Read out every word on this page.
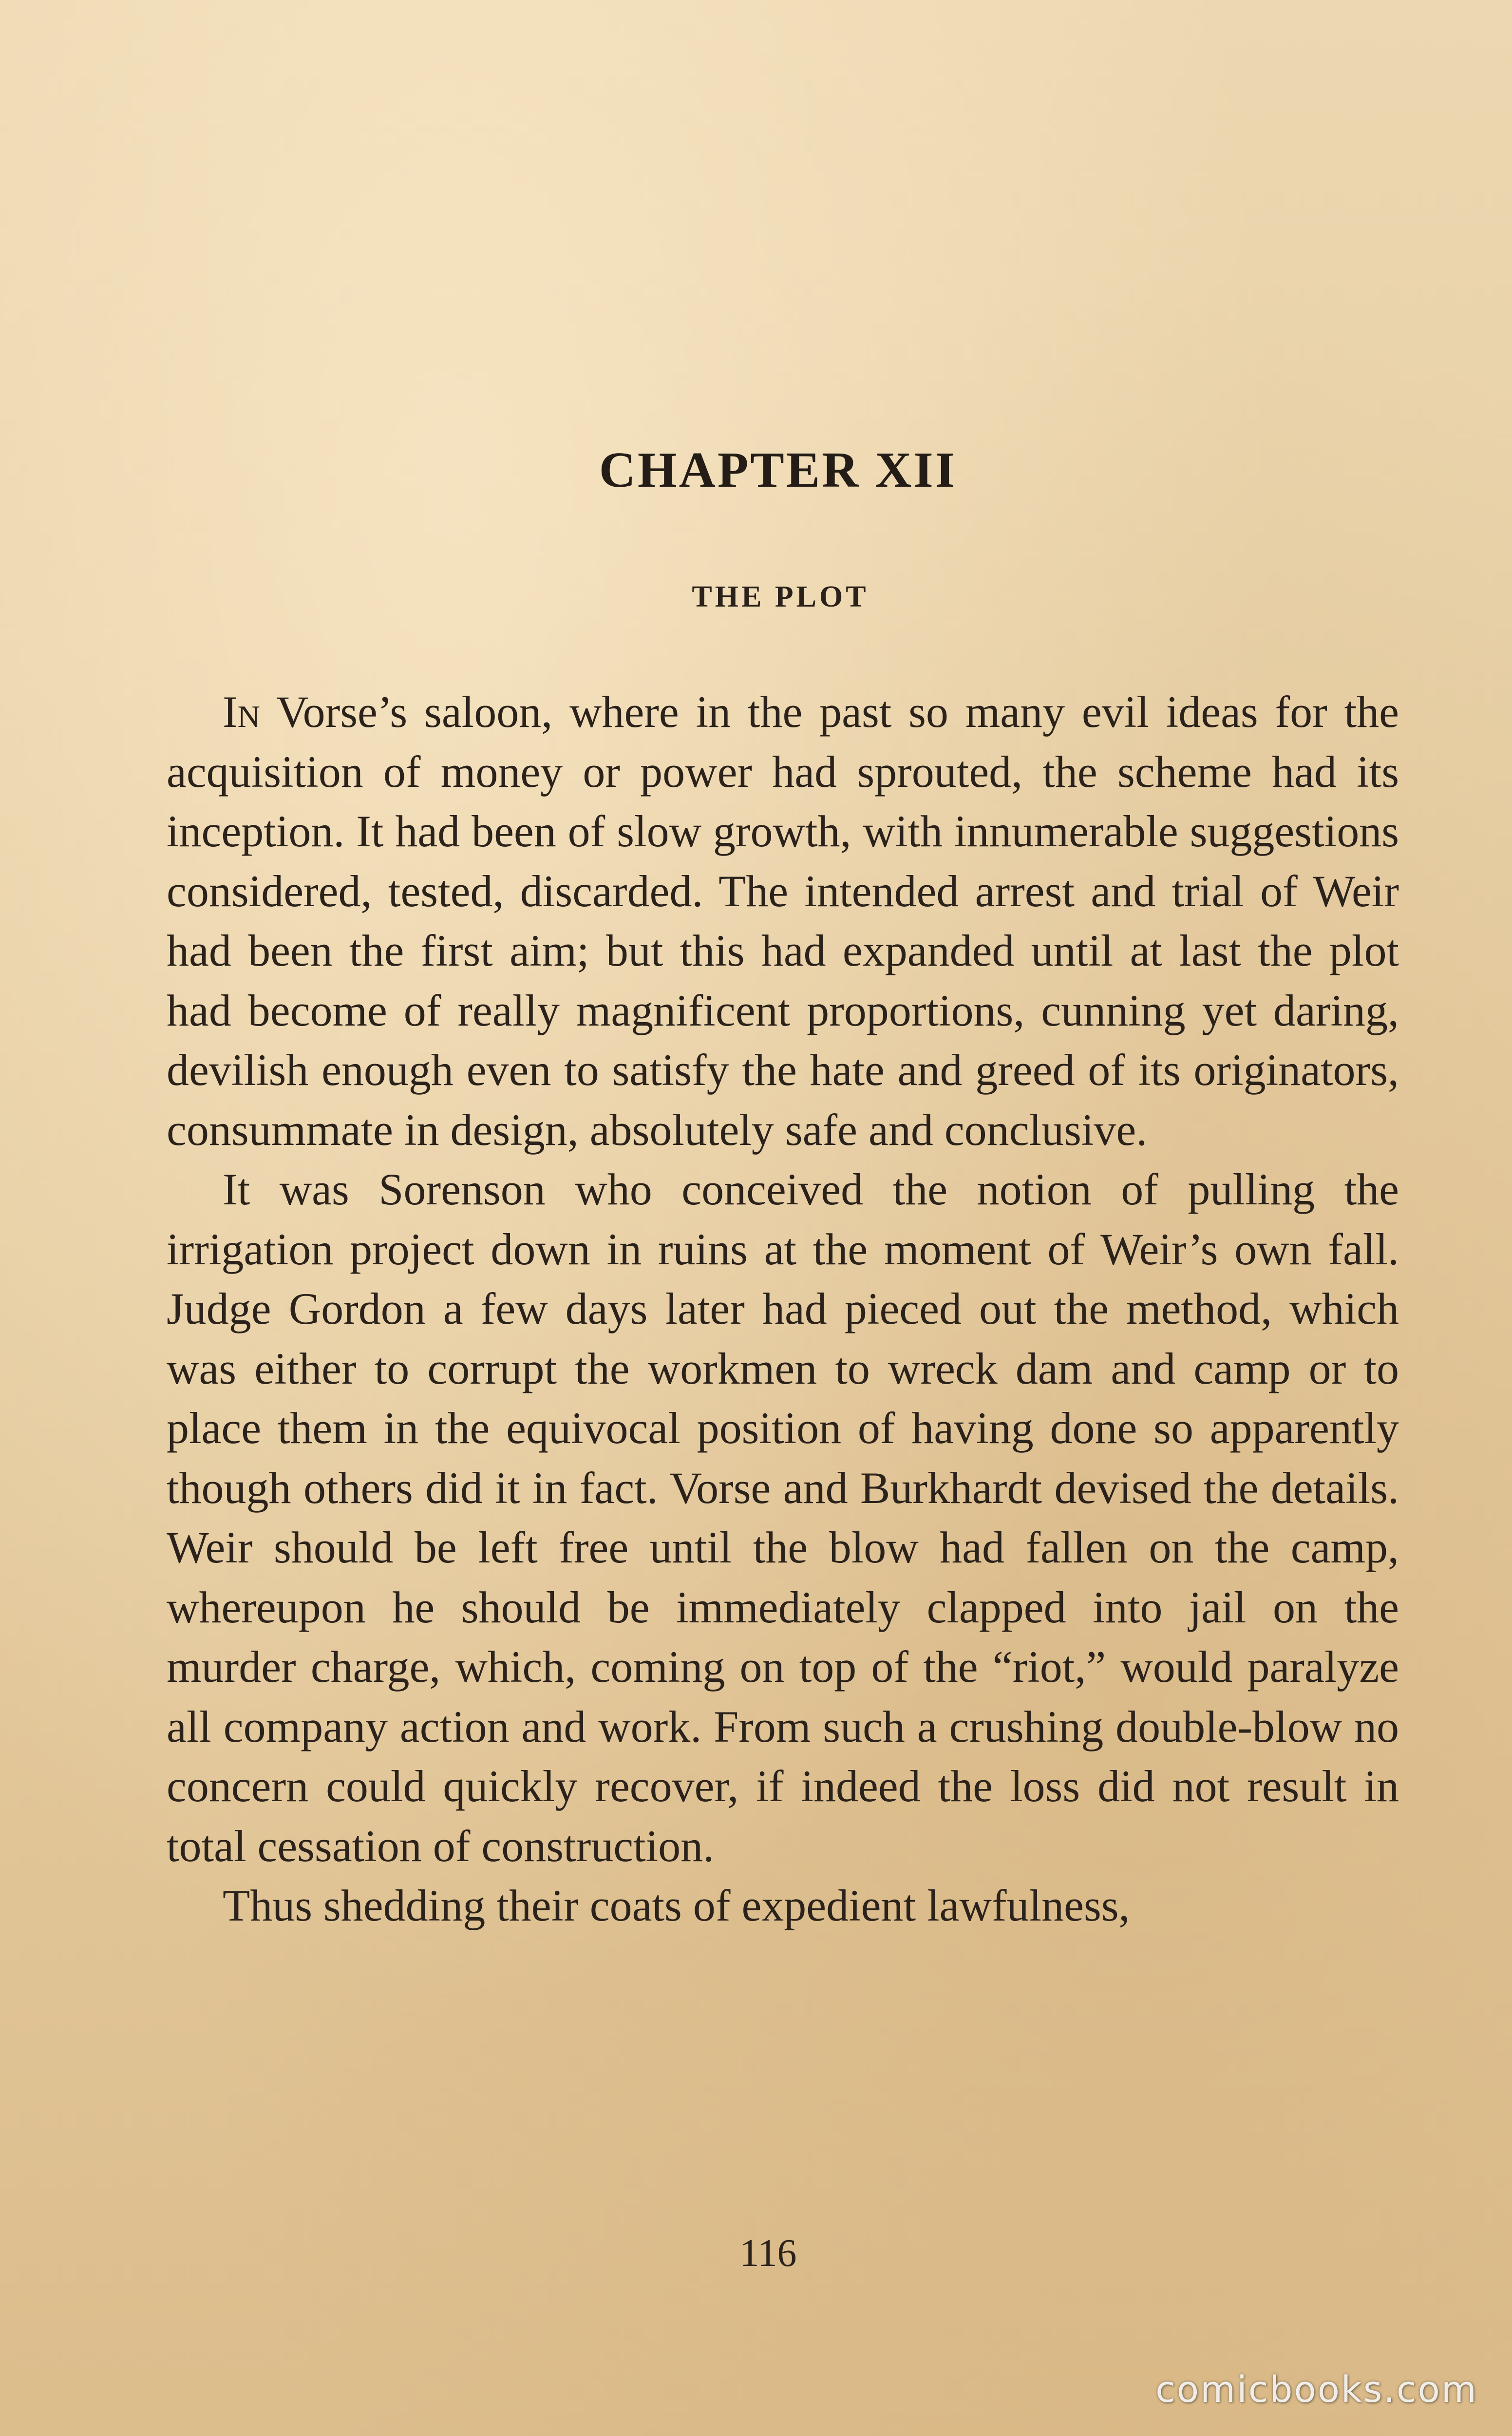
CHAPTER XII
THE PLOT

In Vorse’s saloon, where in the past so many evil ideas for the acquisition of money or power had sprouted, the scheme had its inception. It had been of slow growth, with innumerable suggestions considered, tested, discarded. The intended arrest and trial of Weir had been the first aim; but this had expanded until at last the plot had become of really magnificent proportions, cunning yet daring, devilish enough even to satisfy the hate and greed of its originators, consummate in design, absolutely safe and conclusive.

It was Sorenson who conceived the notion of pulling the irrigation project down in ruins at the moment of Weir’s own fall. Judge Gordon a few days later had pieced out the method, which was either to corrupt the workmen to wreck dam and camp or to place them in the equivocal position of having done so apparently though others did it in fact. Vorse and Burkhardt devised the details. Weir should be left free until the blow had fallen on the camp, whereupon he should be immediately clapped into jail on the murder charge, which, coming on top of the “riot,” would paralyze all company action and work. From such a crushing double-blow no concern could quickly recover, if indeed the loss did not result in total cessation of construction.

Thus shedding their coats of expedient lawfulness,

116
comicbooks.com
